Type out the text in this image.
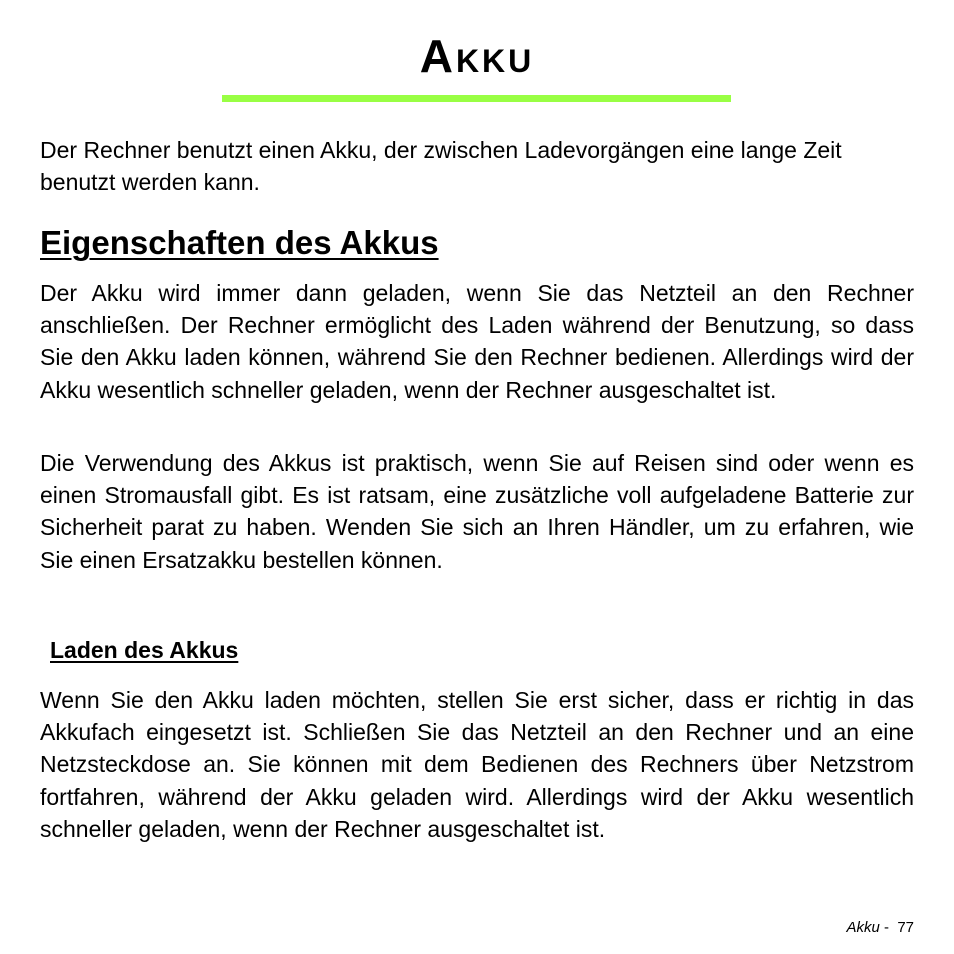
Akku

Der Rechner benutzt einen Akku, der zwischen Ladevorgängen eine lange Zeit benutzt werden kann.

Eigenschaften des Akkus

Der Akku wird immer dann geladen, wenn Sie das Netzteil an den Rechner anschließen. Der Rechner ermöglicht des Laden während der Benutzung, so dass Sie den Akku laden können, während Sie den Rechner bedienen. Allerdings wird der Akku wesentlich schneller geladen, wenn der Rechner ausgeschaltet ist.

Die Verwendung des Akkus ist praktisch, wenn Sie auf Reisen sind oder wenn es einen Stromausfall gibt. Es ist ratsam, eine zusätzliche voll aufgeladene Batterie zur Sicherheit parat zu haben. Wenden Sie sich an Ihren Händler, um zu erfahren, wie Sie einen Ersatzakku bestellen können.

Laden des Akkus

Wenn Sie den Akku laden möchten, stellen Sie erst sicher, dass er richtig in das Akkufach eingesetzt ist. Schließen Sie das Netzteil an den Rechner und an eine Netzsteckdose an. Sie können mit dem Bedienen des Rechners über Netzstrom fortfahren, während der Akku geladen wird. Allerdings wird der Akku wesentlich schneller geladen, wenn der Rechner ausgeschaltet ist.

Akku -  77
